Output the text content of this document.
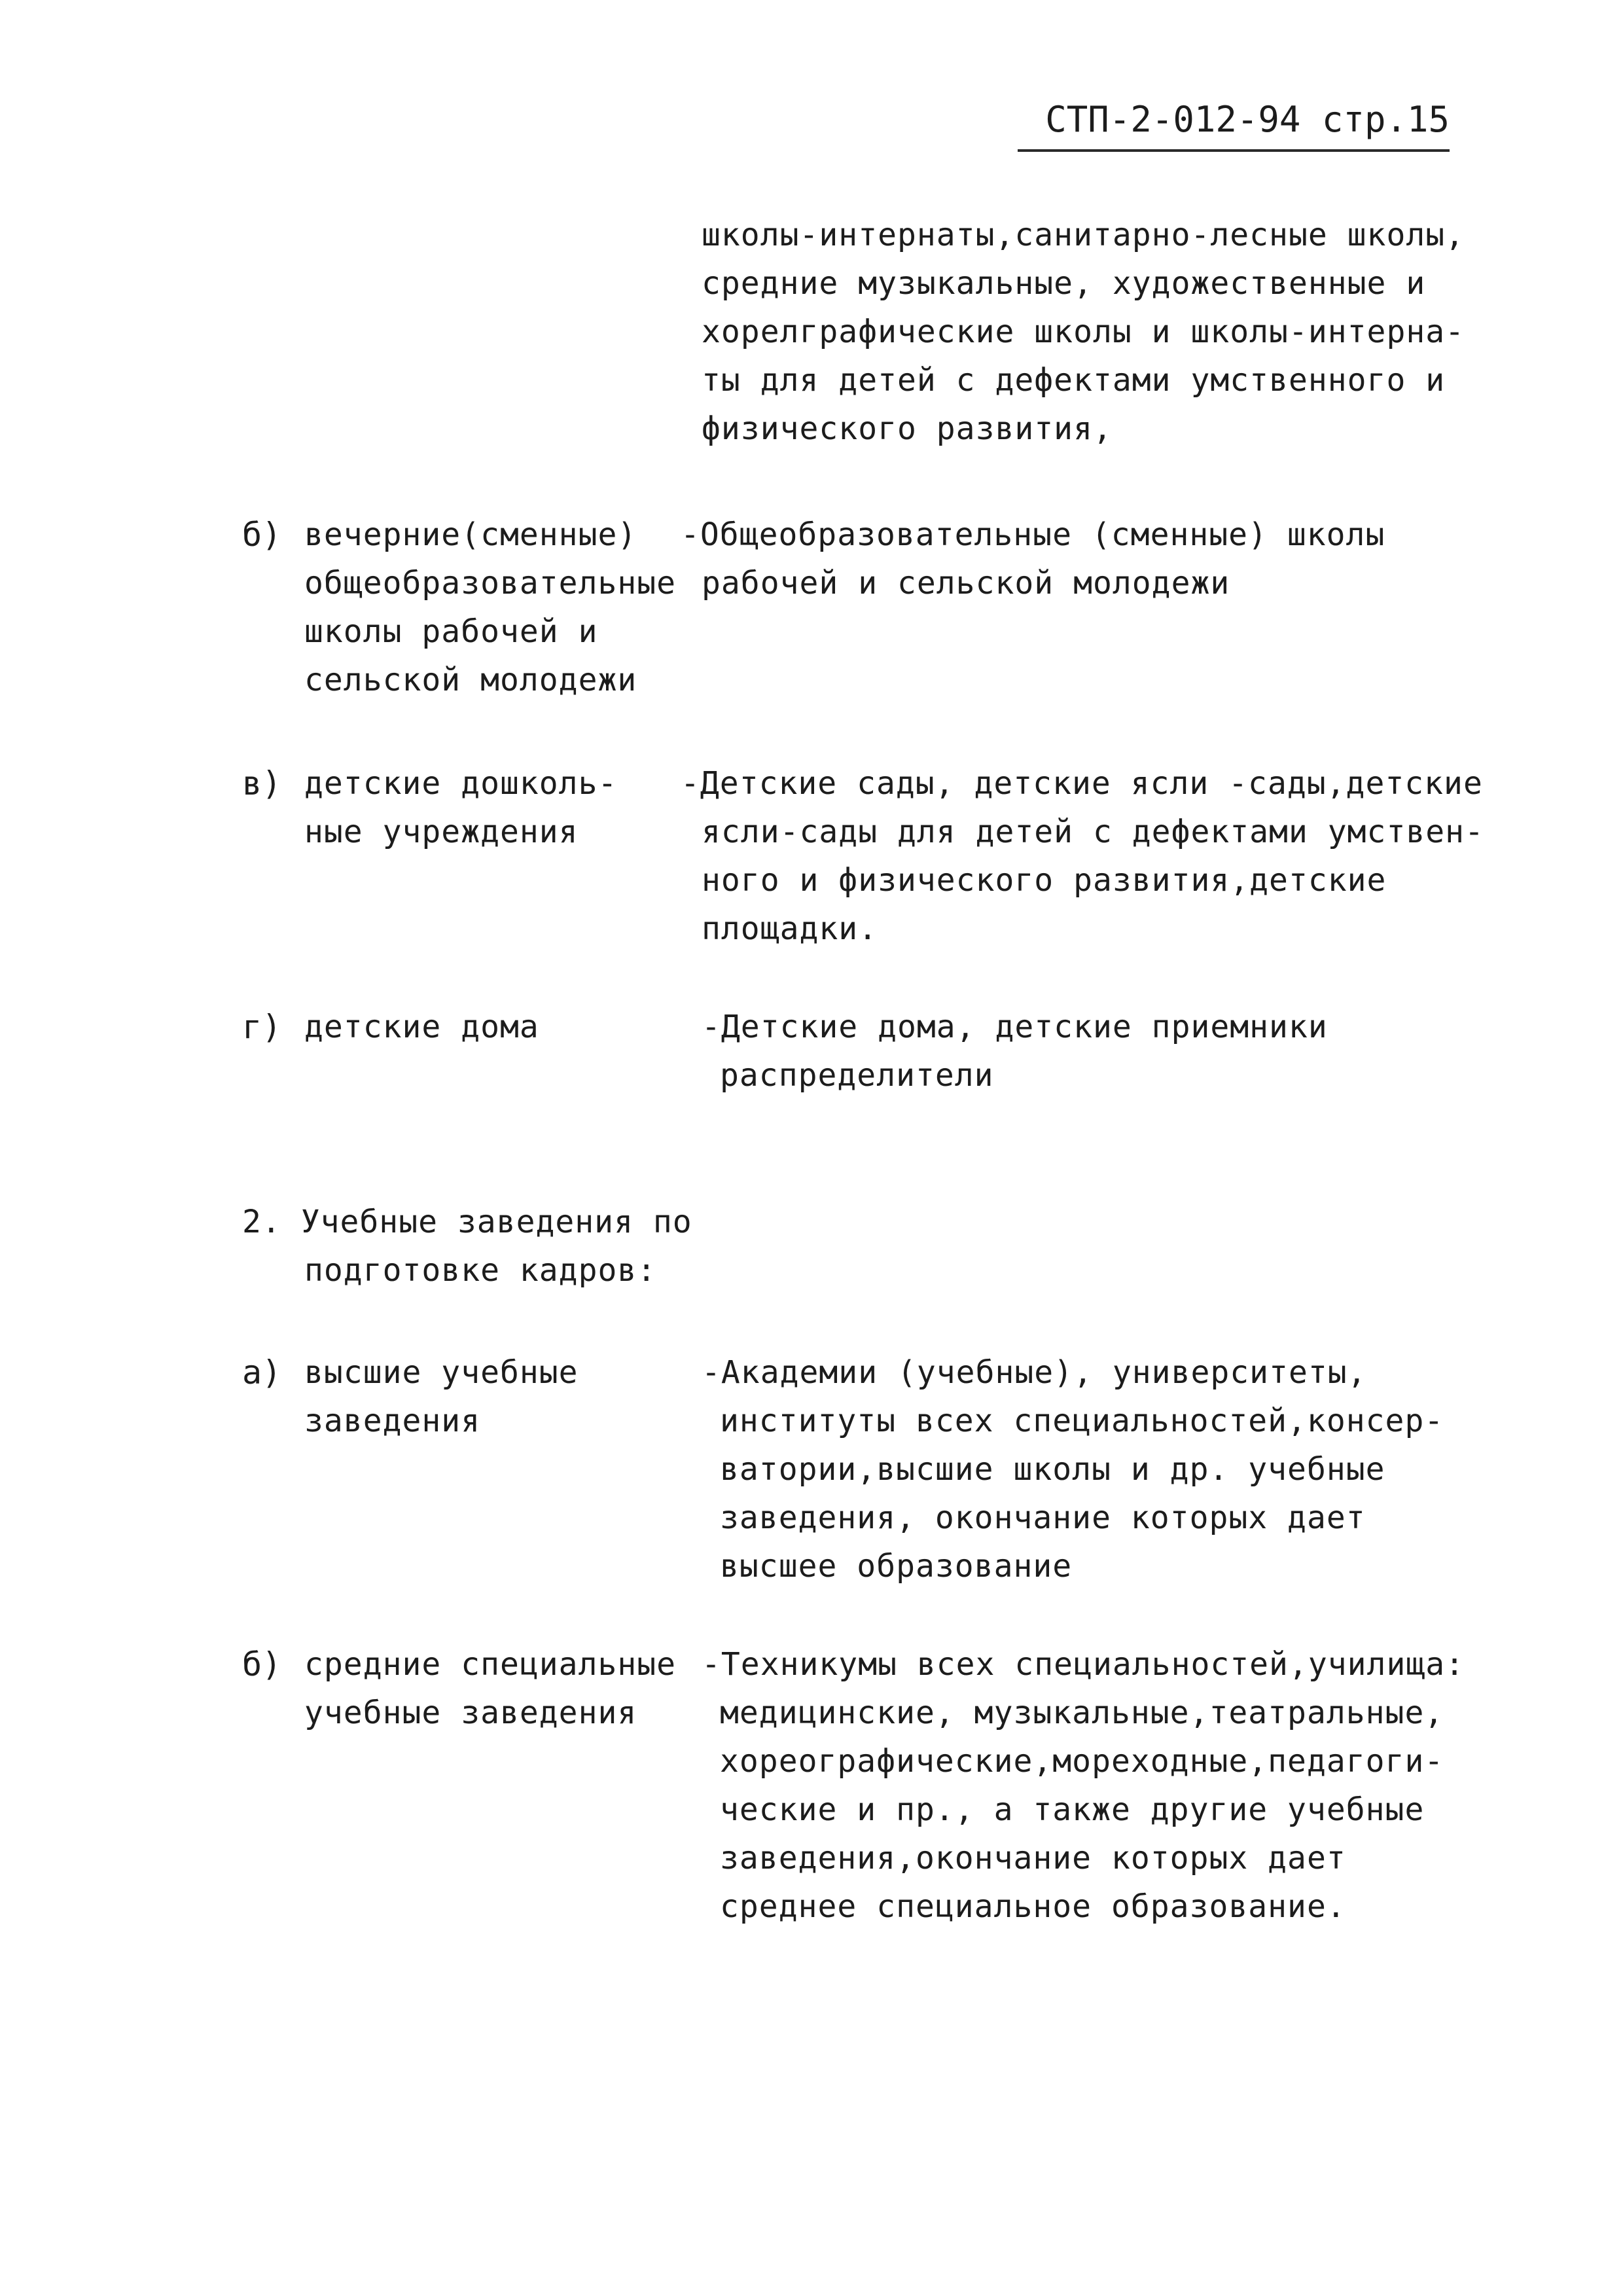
СТП-2-012-94 стр.15
школы-интернаты,санитарно-лесные школы,
средние музыкальные, художественные и
хорелграфические школы и школы-интерна-
ты для детей с дефектами умственного и
физического развития,
б) вечерние(сменные)
общеобразовательные
школы рабочей и
сельской молодежи
-Общеобразовательные (сменные) школы
рабочей и сельской молодежи
в) детские дошколь-
ные учреждения
-Детские сады, детские ясли -сады,детские
ясли-сады для детей с дефектами умствен-
ного и физического развития,детские
площадки.
г) детские дома	-Детские дома, детские приемники
распределители
2. Учебные заведения по
подготовке кадров:
а) высшие учебные
заведения
-Академии (учебные), университеты,
институты всех специальностей,консер-
ватории,высшие школы и др. учебные
заведения, окончание которых дает
высшее образование
б) средние специальные
учебные заведения
-Техникумы всех специальностей,училища:
медицинские, музыкальные,театральные,
хореографические,мореходные,педагоги-
ческие и пр., а также другие учебные
заведения,окончание которых дает
среднее специальное образование.
